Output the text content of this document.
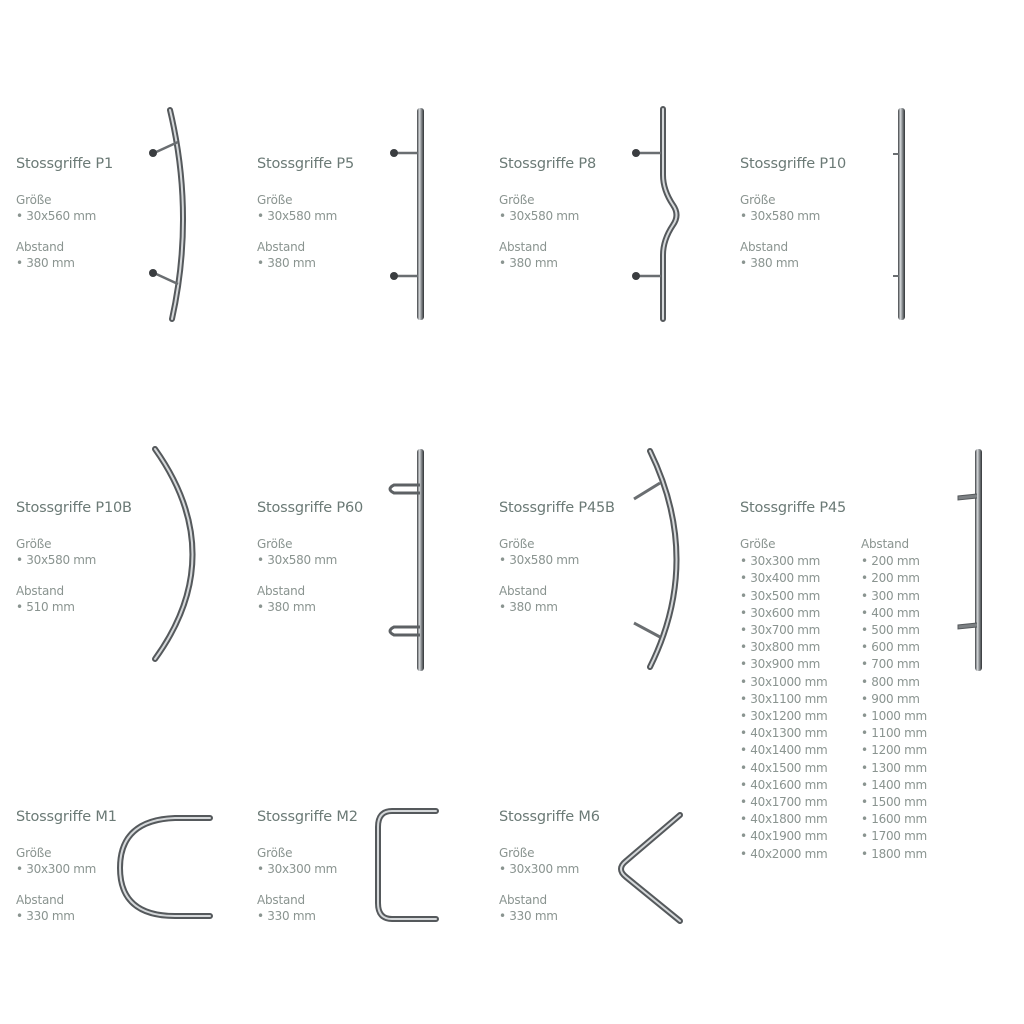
Stossgriffe P1
Größe
• 30x560 mm
Abstand
• 380 mm
Stossgriffe P5
Größe
• 30x580 mm
Abstand
• 380 mm
Stossgriffe P8
Größe
• 30x580 mm
Abstand
• 380 mm
Stossgriffe P10
Größe
• 30x580 mm
Abstand
• 380 mm
Stossgriffe P10B
Größe
• 30x580 mm
Abstand
• 510 mm
Stossgriffe P60
Größe
• 30x580 mm
Abstand
• 380 mm
Stossgriffe P45B
Größe
• 30x580 mm
Abstand
• 380 mm
Stossgriffe P45
Größe
• 30x300 mm
• 30x400 mm
• 30x500 mm
• 30x600 mm
• 30x700 mm
• 30x800 mm
• 30x900 mm
• 30x1000 mm
• 30x1100 mm
• 30x1200 mm
• 40x1300 mm
• 40x1400 mm
• 40x1500 mm
• 40x1600 mm
• 40x1700 mm
• 40x1800 mm
• 40x1900 mm
• 40x2000 mm
Abstand
• 200 mm
• 200 mm
• 300 mm
• 400 mm
• 500 mm
• 600 mm
• 700 mm
• 800 mm
• 900 mm
• 1000 mm
• 1100 mm
• 1200 mm
• 1300 mm
• 1400 mm
• 1500 mm
• 1600 mm
• 1700 mm
• 1800 mm
Stossgriffe M1
Größe
• 30x300 mm
Abstand
• 330 mm
Stossgriffe M2
Größe
• 30x300 mm
Abstand
• 330 mm
Stossgriffe M6
Größe
• 30x300 mm
Abstand
• 330 mm
